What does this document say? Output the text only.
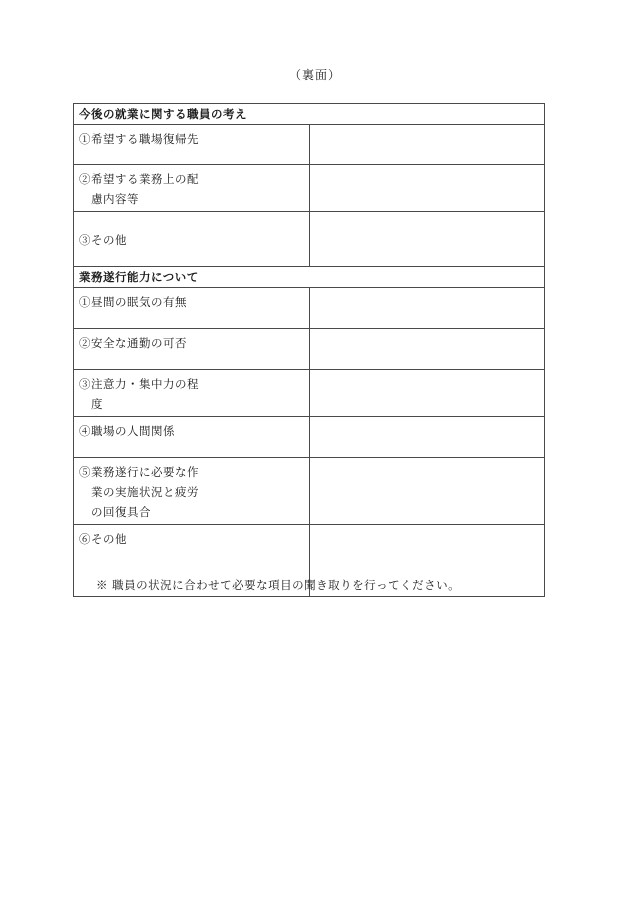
（裏面）
今後の就業に関する職員の考え	
①希望する職場復帰先	
②希望する業務上の配
慮内容等	

③その他	
業務遂行能力について	
①昼間の眠気の有無	
②安全な通勤の可否	
③注意力・集中力の程
度	

④職場の人間関係	
⑤業務遂行に必要な作
業の実施状況と疲労
の回復具合	

⑥その他	
※ 職員の状況に合わせて必要な項目の聞き取りを行ってください。
